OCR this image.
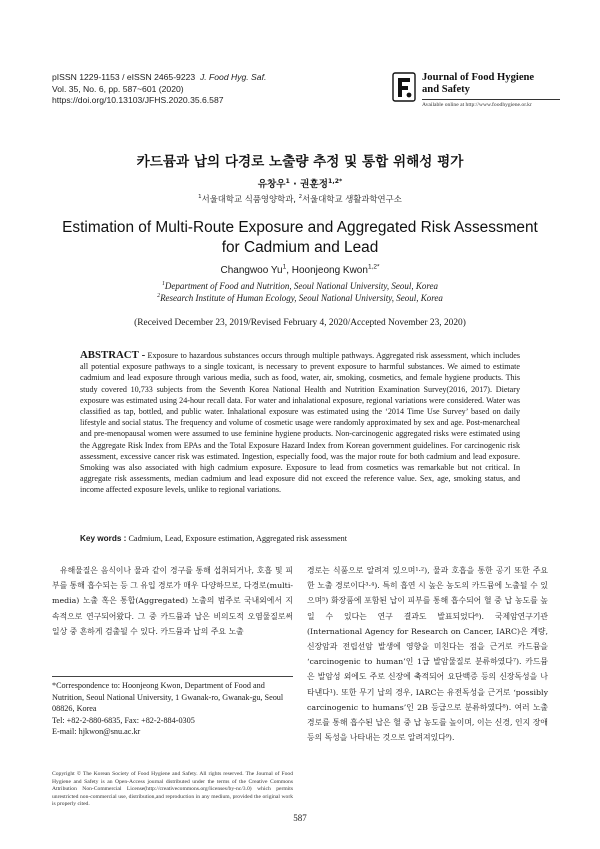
pISSN 1229-1153 / eISSN 2465-9223 J. Food Hyg. Saf.
Vol. 35, No. 6, pp. 587~601 (2020)
https://doi.org/10.13103/JFHS.2020.35.6.587
Journal of Food Hygiene
and Safety
Available online at http://www.foodhygiene.or.kr
카드뮴과 납의 다경로 노출량 추정 및 통합 위해성 평가
유창우$^1$ · 권훈정$^{1,2*}$
$^1$서울대학교 식품영양학과, $^2$서울대학교 생활과학연구소
Estimation of Multi-Route Exposure and Aggregated Risk Assessment
for Cadmium and Lead
Changwoo Yu$^1$, Hoonjeong Kwon$^{1,2*}$
$^1$Department of Food and Nutrition, Seoul National University, Seoul, Korea
$^2$Research Institute of Human Ecology, Seoul National University, Seoul, Korea
(Received December 23, 2019/Revised February 4, 2020/Accepted November 23, 2020)
ABSTRACT - Exposure to hazardous substances occurs through multiple pathways. Aggregated risk assessment, which includes all potential exposure pathways to a single toxicant, is necessary to prevent exposure to harmful substances. We aimed to estimate cadmium and lead exposure through various media, such as food, water, air, smoking, cosmetics, and female hygiene products. This study covered 10,733 subjects from the Seventh Korea National Health and Nutrition Examination Survey(2016, 2017). Dietary exposure was estimated using 24-hour recall data. For water and inhalational exposure, regional variations were considered. Water was classified as tap, bottled, and public water. Inhalational exposure was estimated using the ‘2014 Time Use Survey’ based on daily lifestyle and social status. The frequency and volume of cosmetic usage were randomly approximated by sex and age. Post-menarcheal and pre-menopausal women were assumed to use feminine hygiene products. Non-carcinogenic aggregated risks were estimated using the Aggregate Risk Index from EPAs and the Total Exposure Hazard Index from Korean government guidelines. For carcinogenic risk assessment, excessive cancer risk was estimated. Ingestion, especially food, was the major route for both cadmium and lead exposure. Smoking was also associated with high cadmium exposure. Exposure to lead from cosmetics was remarkable but not critical. In aggregate risk assessments, median cadmium and lead exposure did not exceed the reference value. Sex, age, smoking status, and income affected exposure levels, unlike to regional variations.
Key words : Cadmium, Lead, Exposure estimation, Aggregated risk assessment

유해물질은 음식이나 물과 같이 경구를 통해 섭취되거나, 호흡 및 피부를 통해 흡수되는 등 그 유입 경로가 매우 다양하므로, 다경로(multi-media) 노출 혹은 통합(Aggregated) 노출의 범주로 국내외에서 지속적으로 연구되어왔다. 그 중 카드뮴과 납은 비의도적 오염물질로써 일상 중 흔하게 검출될 수 있다. 카드뮴과 납의 주요 노출

경로는 식품으로 알려져 있으며¹·²), 물과 호흡을 통한 공기 또한 주요한 노출 경로이다³·⁴). 특히 흡연 시 높은 농도의 카드뮴에 노출될 수 있으며⁵) 화장품에 포함된 납이 피부를 통해 흡수되어 혈 중 납 농도를 높일 수 있다는 연구 결과도 발표되었다⁶). 국제암연구기관(International Agency for Research on Cancer, IARC)은 계량, 신장암과 전립선암 발생에 영향을 미친다는 점을 근거로 카드뮴을 ‘carcinogenic to human’인 1급 발암물질로 분류하였다⁷). 카드뮴은 발암성 외에도 주로 신장에 축적되어 요단백증 등의 신장독성을 나타낸다¹). 또한 무기 납의 경우, IARC는 유전독성을 근거로 ‘possibly carcinogenic to humans’인 2B 등급으로 분류하였다⁸). 여러 노출 경로를 통해 흡수된 납은 혈 중 납 농도를 높이며, 이는 신경, 인지 장애 등의 독성을 나타내는 것으로 알려져있다⁹).

*Correspondence to: Hoonjeong Kwon, Department of Food and Nutrition, Seoul National University, 1 Gwanak-ro, Gwanak-gu, Seoul 08826, Korea
Tel: +82-2-880-6835, Fax: +82-2-884-0305
E-mail: hjkwon@snu.ac.kr
Copyright © The Korean Society of Food Hygiene and Safety. All rights reserved. The Journal of Food Hygiene and Safety is an Open-Access journal distributed under the terms of the Creative Commons Attribution Non-Commercial License(http://creativecommons.org/licenses/by-nc/3.0) which permits unrestricted non-commercial use, distribution,and reproduction in any medium, provided the original work is properly cited.
587
